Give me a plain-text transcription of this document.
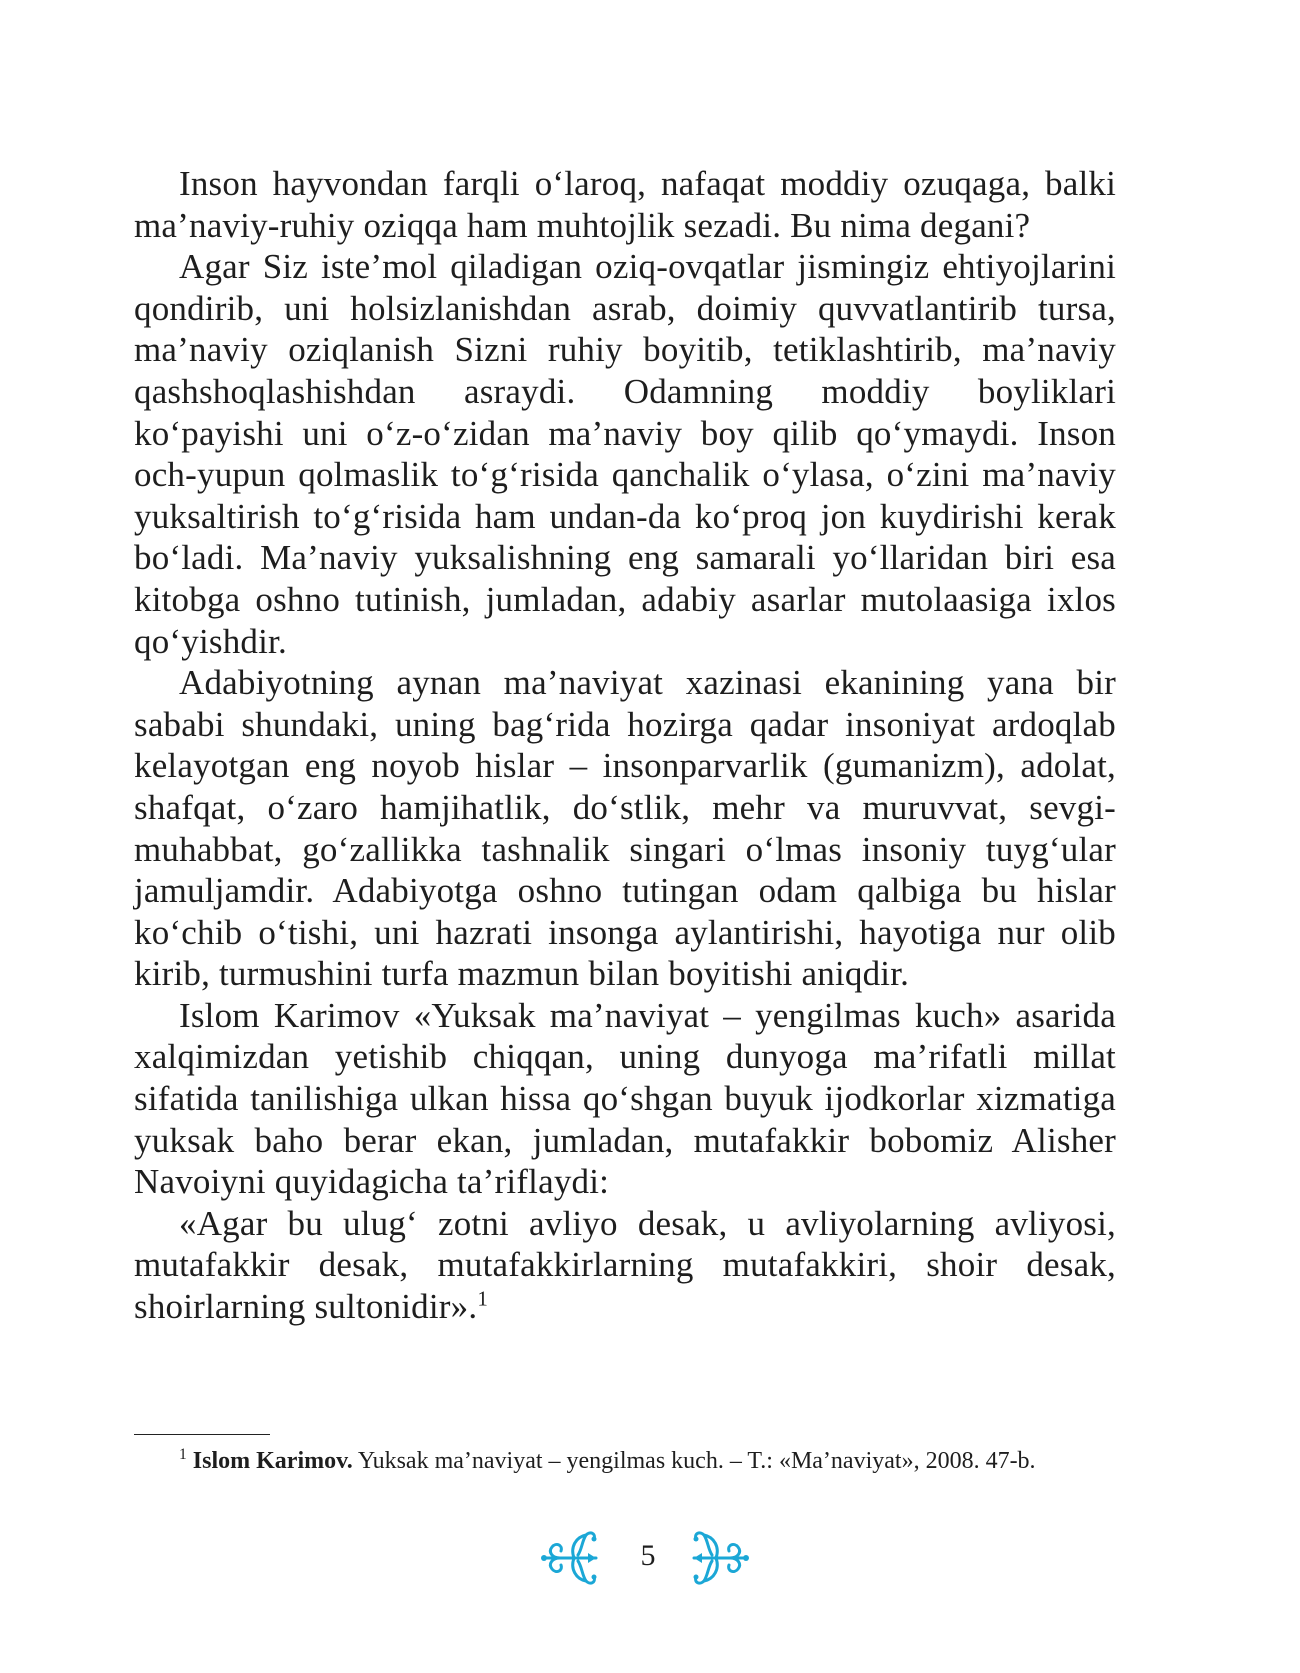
Inson hayvondan farqli o‘laroq, nafaqat moddiy ozuqaga, balki ma’naviy-ruhiy oziqqa ham muhtojlik sezadi. Bu nima degani?

Agar Siz iste’mol qiladigan oziq-ovqatlar jismingiz ehtiyojlarini qondirib, uni holsizlanishdan asrab, doimiy quvvatlantirib tursa, ma’naviy oziqlanish Sizni ruhiy boyitib, tetiklashtirib, ma’naviy qashshoqlashishdan asraydi. Odamning moddiy boyliklari ko‘payishi uni o‘z-o‘zidan ma’naviy boy qilib qo‘ymaydi. Inson och-yupun qolmaslik to‘g‘risida qanchalik o‘ylasa, o‘zini ma’naviy yuksaltirish to‘g‘risida ham undan-da ko‘proq jon kuydirishi kerak bo‘ladi. Ma’naviy yuksalishning eng samarali yo‘llaridan biri esa kitobga oshno tutinish, jumladan, adabiy asarlar mutolaasiga ixlos qo‘yishdir.

Adabiyotning aynan ma’naviyat xazinasi ekanining yana bir sababi shundaki, uning bag‘rida hozirga qadar insoniyat ardoqlab kelayotgan eng noyob hislar – insonparvarlik (gumanizm), adolat, shafqat, o‘zaro hamjihatlik, do‘stlik, mehr va muruvvat, sevgi-muhabbat, go‘zallikka tashnalik singari o‘lmas insoniy tuyg‘ular jamuljamdir. Adabiyotga oshno tutingan odam qalbiga bu hislar ko‘chib o‘tishi, uni hazrati insonga aylantirishi, hayotiga nur olib kirib, turmushini turfa mazmun bilan boyitishi aniqdir.

Islom Karimov «Yuksak ma’naviyat – yengilmas kuch» asarida xalqimizdan yetishib chiqqan, uning dunyoga ma’rifatli millat sifatida tanilishiga ulkan hissa qo‘shgan buyuk ijodkorlar xizmatiga yuksak baho berar ekan, jumladan, mutafakkir bobomiz Alisher Navoiyni quyidagicha ta’riflaydi:

«Agar bu ulug‘ zotni avliyo desak, u avliyolarning avliyosi, mutafakkir desak, mutafakkirlarning mutafakkiri, shoir desak, shoirlarning sultonidir».$^1$

$^1$ Islom Karimov. Yuksak ma’naviyat – yengilmas kuch. – T.: «Ma’naviyat», 2008. 47-b.

5
